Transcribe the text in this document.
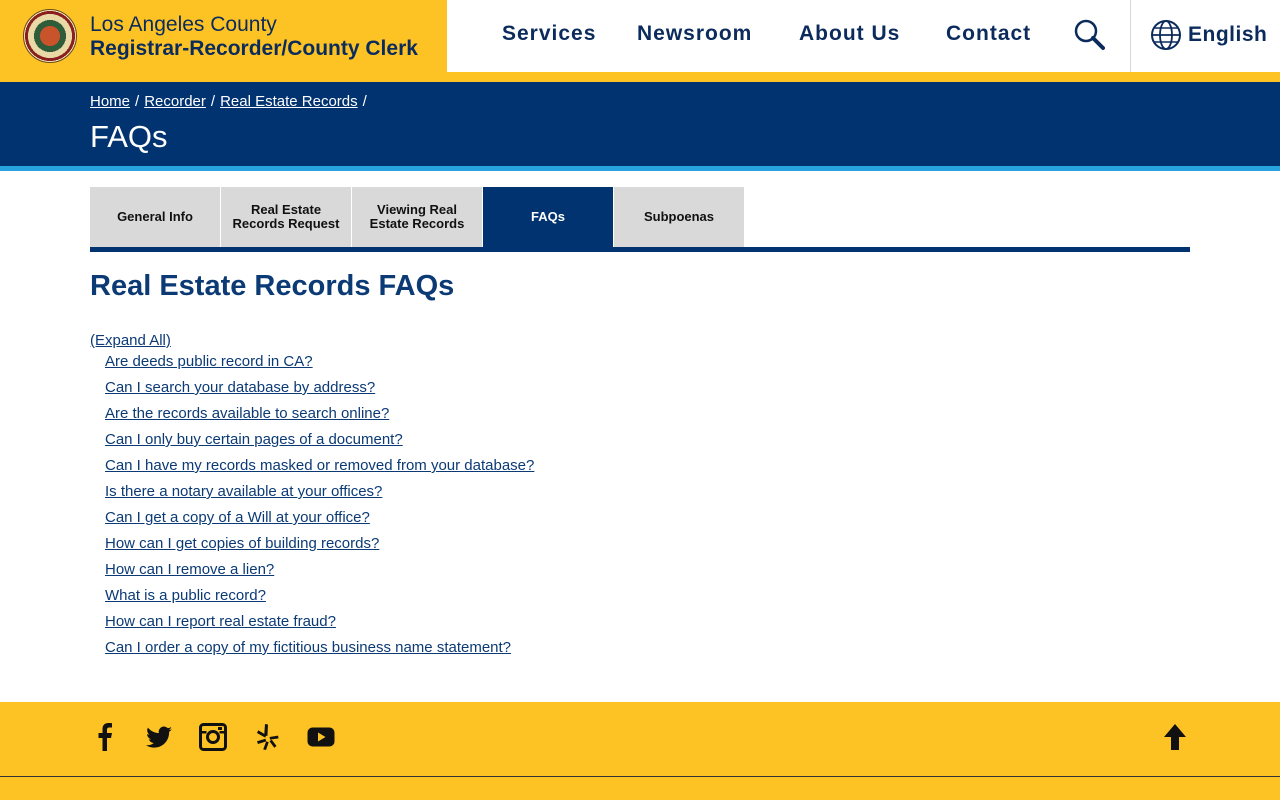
Los Angeles County
Registrar-Recorder/County Clerk
Services Newsroom About Us Contact	English
Home / Recorder / Real Estate Records /
FAQs
General Info	Real Estate Records Request
Viewing Real Estate Records	FAQs	Subpoenas
Real Estate Records FAQs
(Expand All)
Are deeds public record in CA?
Can I search your database by address?
Are the records available to search online?
Can I only buy certain pages of a document?
Can I have my records masked or removed from your database?
Is there a notary available at your offices?
Can I get a copy of a Will at your office?
How can I get copies of building records?
How can I remove a lien?
What is a public record?
How can I report real estate fraud?
Can I order a copy of my fictitious business name statement?
